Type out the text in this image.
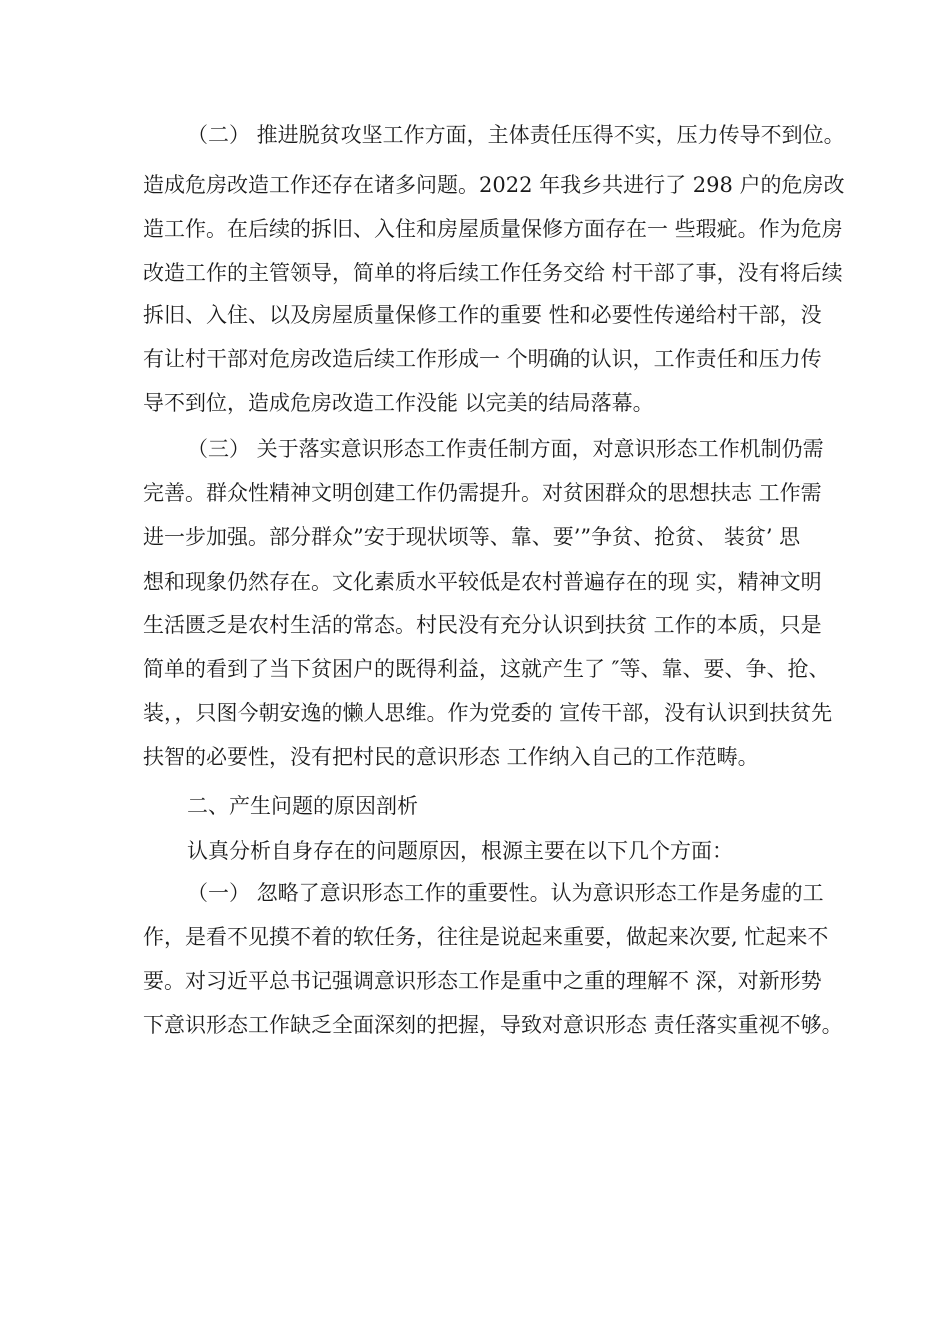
（二） 推进脱贫攻坚工作方面，主体责任压得不实，压力传导不到位。
造成危房改造工作还存在诸多问题。2022 年我乡共进行了 298 户的危房改
造工作。在后续的拆旧、入住和房屋质量保修方面存在一 些瑕疵。作为危房
改造工作的主管领导，简单的将后续工作任务交给 村干部了事，没有将后续
拆旧、入住、以及房屋质量保修工作的重要 性和必要性传递给村干部，没
有让村干部对危房改造后续工作形成一 个明确的认识，工作责任和压力传
导不到位，造成危房改造工作没能 以完美的结局落幕。
（三） 关于落实意识形态工作责任制方面，对意识形态工作机制仍需
完善。群众性精神文明创建工作仍需提升。对贫困群众的思想扶志 工作需
进一步加强。部分群众”安于现状顷等、靠、要’”争贫、抢贫、 装贫’ 思
想和现象仍然存在。文化素质水平较低是农村普遍存在的现 实，精神文明
生活匮乏是农村生活的常态。村民没有充分认识到扶贫 工作的本质，只是
简单的看到了当下贫困户的既得利益，这就产生了 ″等、靠、要、争、抢、
装，，只图今朝安逸的懒人思维。作为党委的 宣传干部，没有认识到扶贫先
扶智的必要性，没有把村民的意识形态 工作纳入自己的工作范畴。
二、产生问题的原因剖析
认真分析自身存在的问题原因，根源主要在以下几个方面：
（一） 忽略了意识形态工作的重要性。认为意识形态工作是务虚的工
作，是看不见摸不着的软任务，往往是说起来重要，做起来次要, 忙起来不
要。对习近平总书记强调意识形态工作是重中之重的理解不 深，对新形势
下意识形态工作缺乏全面深刻的把握，导致对意识形态 责任落实重视不够。
